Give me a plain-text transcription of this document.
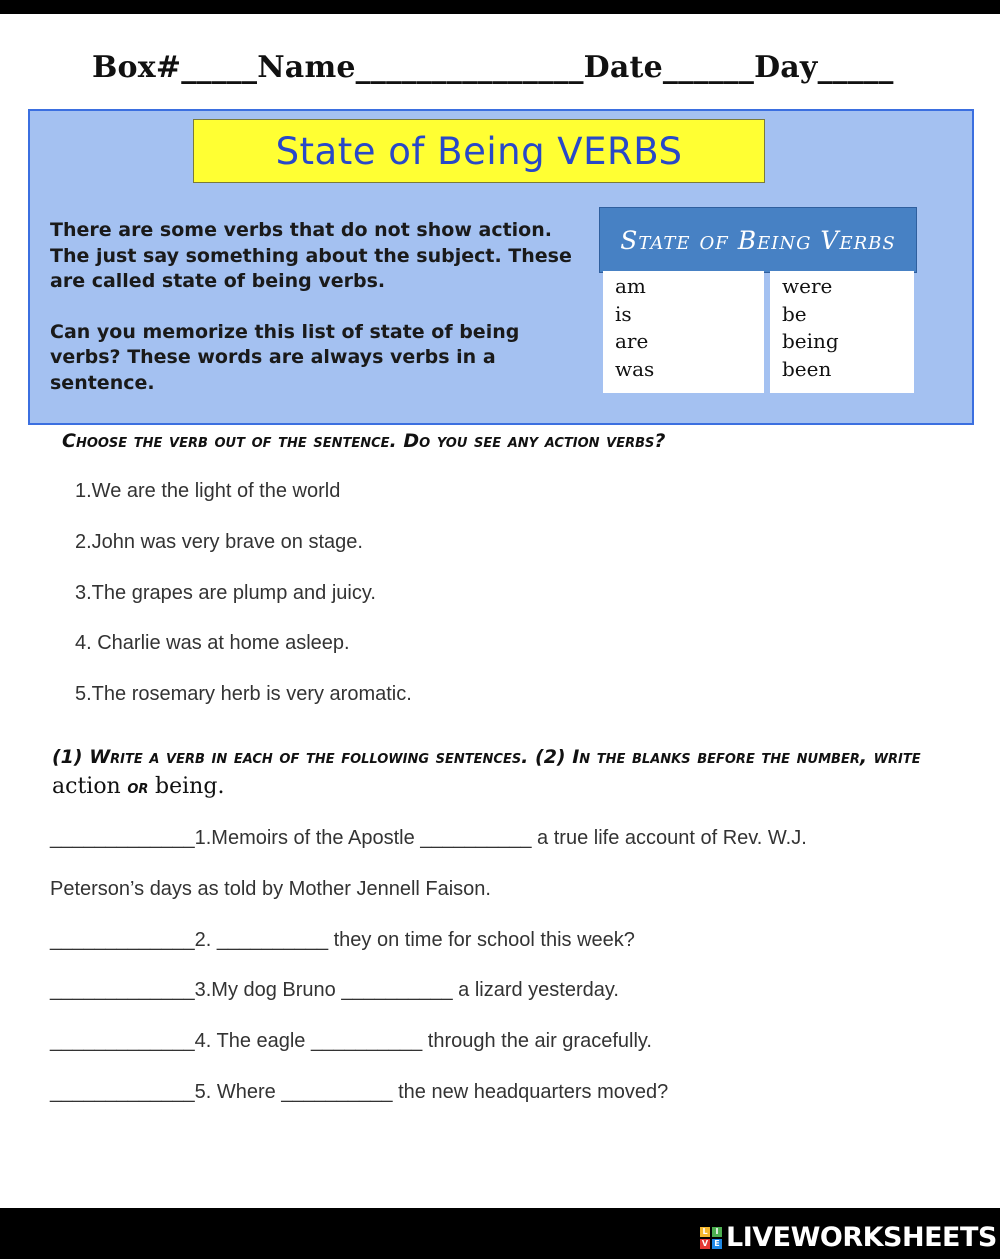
Box#_____Name_______________Date______Day_____
State of Being VERBS

There are some verbs that do not show action. The just say something about the subject. These are called state of being verbs.

Can you memorize this list of state of being verbs? These words are always verbs in a sentence.

State of Being Verbs
am
is
are
was
were
be
being
been
Choose the verb out of the sentence. Do you see any action verbs?
1.We are the light of the world
2.John was very brave on stage.
3.The grapes are plump and juicy.
4. Charlie was at home asleep.
5.The rosemary herb is very aromatic.
(1) Write a verb in each of the following sentences. (2) In the blanks before the number, write action or being.
_____________1.Memoirs of the Apostle __________ a true life account of Rev. W.J.
Peterson’s days as told by Mother Jennell Faison.
_____________2. __________ they on time for school this week?
_____________3.My dog Bruno __________ a lizard yesterday.
_____________4. The eagle __________ through the air gracefully.
_____________5. Where __________ the new headquarters moved?
L I
V E LIVEWORKSHEETS
